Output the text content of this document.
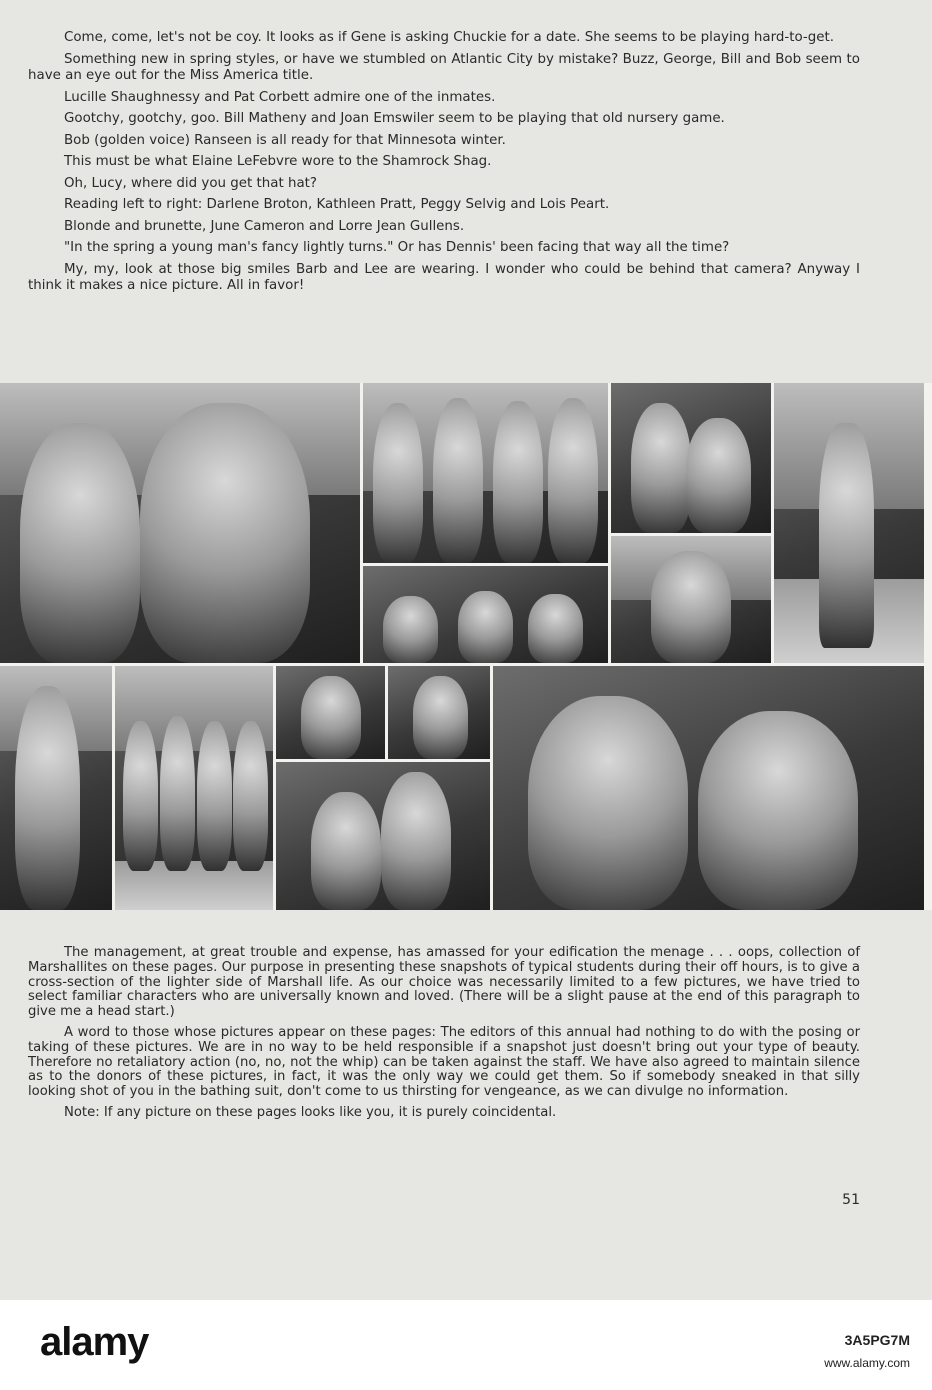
Come, come, let's not be coy. It looks as if Gene is asking Chuckie for a date. She seems to be playing hard-to-get.

Something new in spring styles, or have we stumbled on Atlantic City by mistake? Buzz, George, Bill and Bob seem to have an eye out for the Miss America title.

Lucille Shaughnessy and Pat Corbett admire one of the inmates.

Gootchy, gootchy, goo. Bill Matheny and Joan Emswiler seem to be playing that old nursery game.

Bob (golden voice) Ranseen is all ready for that Minnesota winter.

This must be what Elaine LeFebvre wore to the Shamrock Shag.

Oh, Lucy, where did you get that hat?

Reading left to right: Darlene Broton, Kathleen Pratt, Peggy Selvig and Lois Peart.

Blonde and brunette, June Cameron and Lorre Jean Gullens.

"In the spring a young man's fancy lightly turns." Or has Dennis' been facing that way all the time?

My, my, look at those big smiles Barb and Lee are wearing. I wonder who could be behind that camera? Anyway I think it makes a nice picture. All in favor!

The management, at great trouble and expense, has amassed for your edification the menage . . . oops, collection of Marshallites on these pages. Our purpose in presenting these snapshots of typical students during their off hours, is to give a cross-section of the lighter side of Marshall life. As our choice was necessarily limited to a few pictures, we have tried to select familiar characters who are universally known and loved. (There will be a slight pause at the end of this paragraph to give me a head start.)

A word to those whose pictures appear on these pages: The editors of this annual had nothing to do with the posing or taking of these pictures. We are in no way to be held responsible if a snapshot just doesn't bring out your type of beauty. Therefore no retaliatory action (no, no, not the whip) can be taken against the staff. We have also agreed to maintain silence as to the donors of these pictures, in fact, it was the only way we could get them. So if somebody sneaked in that silly looking shot of you in the bathing suit, don't come to us thirsting for vengeance, as we can divulge no information.

Note: If any picture on these pages looks like you, it is purely coincidental.

51
alamy	3A5PG7M
www.alamy.com
